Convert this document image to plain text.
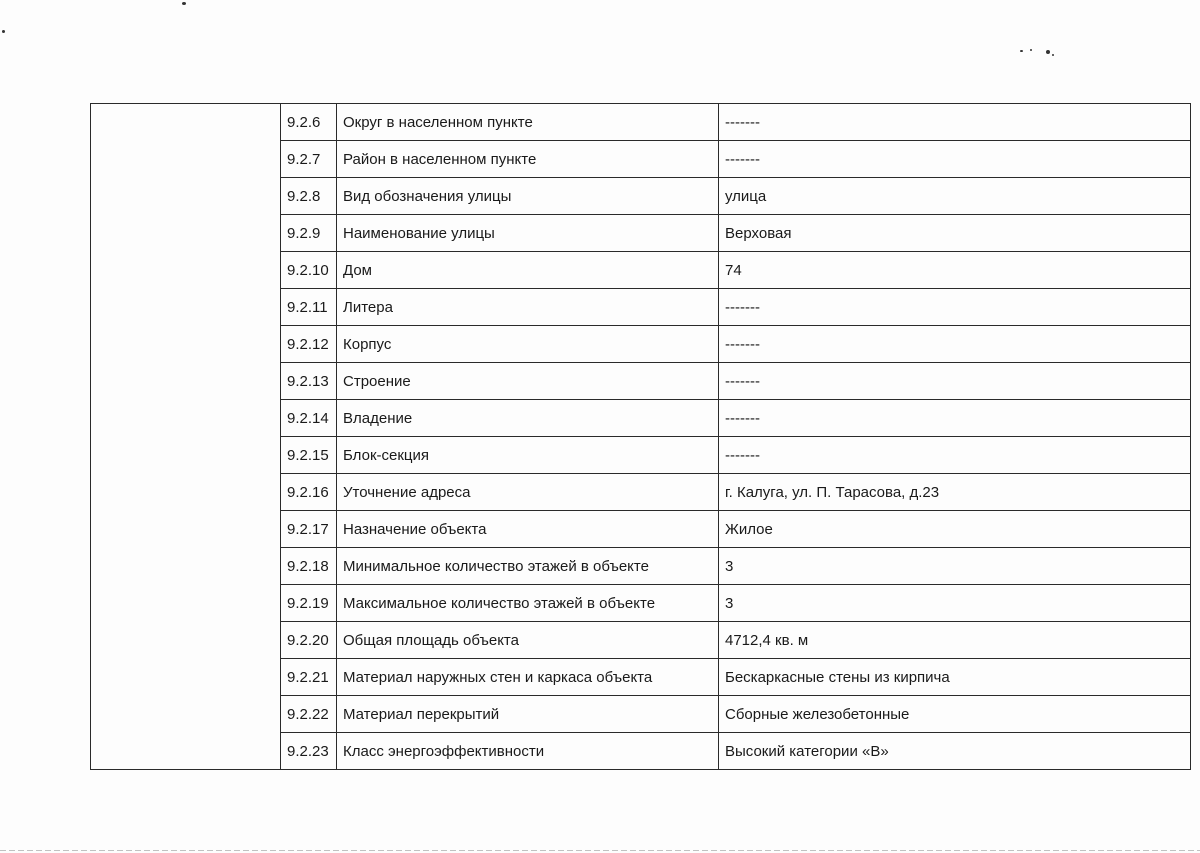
	9.2.6	Округ в населенном пункте	-------
	9.2.7	Район в населенном пункте	-------
	9.2.8	Вид обозначения улицы	улица
	9.2.9	Наименование улицы	Верховая
	9.2.10	Дом	74
	9.2.11	Литера	-------
	9.2.12	Корпус	-------
	9.2.13	Строение	-------
	9.2.14	Владение	-------
	9.2.15	Блок-секция	-------
	9.2.16	Уточнение адреса	г. Калуга, ул. П. Тарасова, д.23
	9.2.17	Назначение объекта	Жилое
	9.2.18	Минимальное количество этажей в объекте	3
	9.2.19	Максимальное количество этажей в объекте	3
	9.2.20	Общая площадь объекта	4712,4 кв. м
	9.2.21	Материал наружных стен и каркаса объекта	Бескаркасные стены из кирпича
	9.2.22	Материал перекрытий	Сборные железобетонные
	9.2.23	Класс энергоэффективности	Высокий категории «В»
